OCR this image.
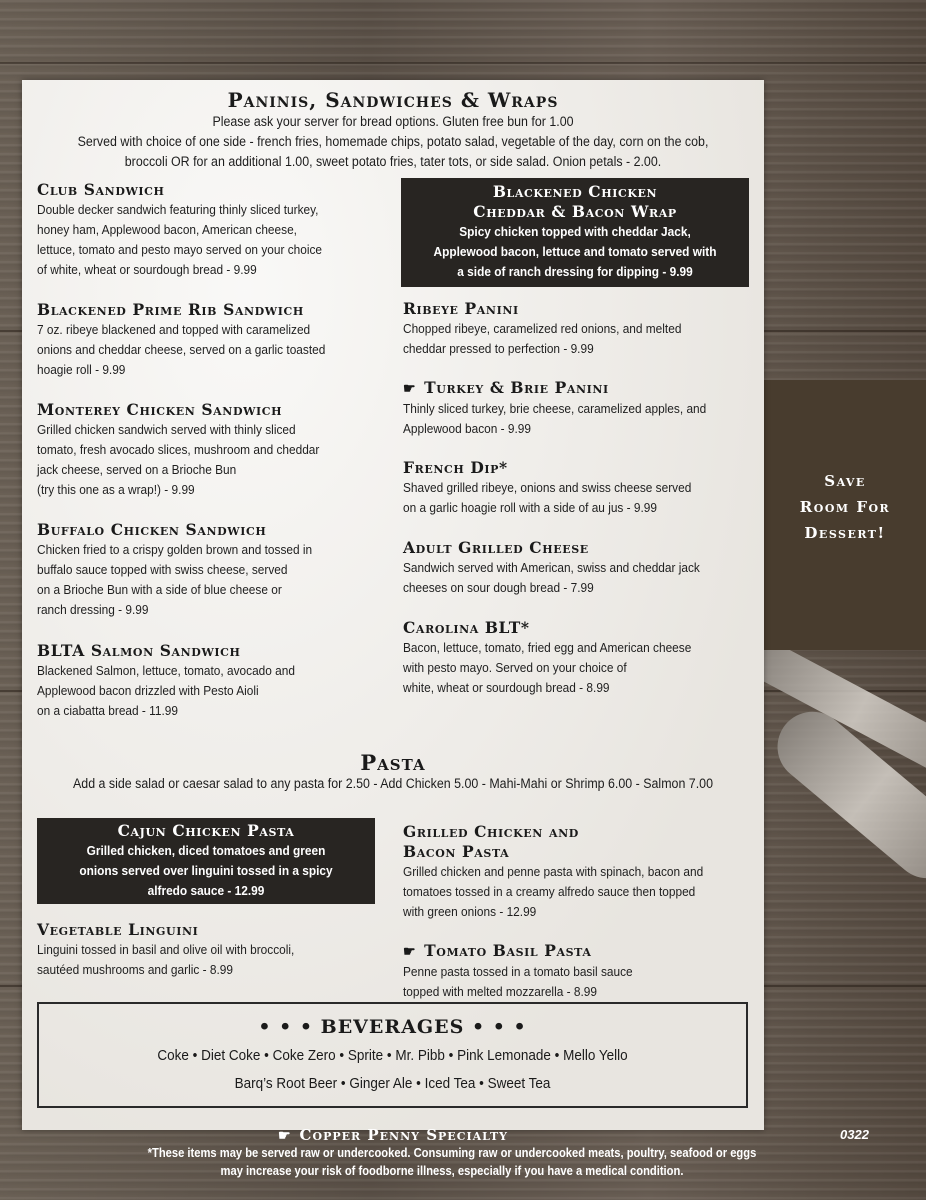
Save
Room For
Dessert!
Paninis, Sandwiches & Wraps
Please ask your server for bread options. Gluten free bun for 1.00
Served with choice of one side - french fries, homemade chips, potato salad, vegetable of the day, corn on the cob,
broccoli OR for an additional 1.00, sweet potato fries, tater tots, or side salad. Onion petals - 2.00.
Club Sandwich
Double decker sandwich featuring thinly sliced turkey,
honey ham, Applewood bacon, American cheese,
lettuce, tomato and pesto mayo served on your choice
of white, wheat or sourdough bread - 9.99
Blackened Prime Rib Sandwich
7 oz. ribeye blackened and topped with caramelized
onions and cheddar cheese, served on a garlic toasted
hoagie roll - 9.99
Monterey Chicken Sandwich
Grilled chicken sandwich served with thinly sliced
tomato, fresh avocado slices, mushroom and cheddar
jack cheese, served on a Brioche Bun
(try this one as a wrap!) - 9.99
Buffalo Chicken Sandwich
Chicken fried to a crispy golden brown and tossed in
buffalo sauce topped with swiss cheese, served
on a Brioche Bun with a side of blue cheese or
ranch dressing - 9.99
BLTA Salmon Sandwich
Blackened Salmon, lettuce, tomato, avocado and
Applewood bacon drizzled with Pesto Aioli
on a ciabatta bread - 11.99
Blackened Chicken
Cheddar & Bacon Wrap
Spicy chicken topped with cheddar Jack,
Applewood bacon, lettuce and tomato served with
a side of ranch dressing for dipping - 9.99
Ribeye Panini
Chopped ribeye, caramelized red onions, and melted
cheddar pressed to perfection - 9.99
☛ Turkey & Brie Panini
Thinly sliced turkey, brie cheese, caramelized apples, and
Applewood bacon - 9.99
French Dip*
Shaved grilled ribeye, onions and swiss cheese served
on a garlic hoagie roll with a side of au jus - 9.99
Adult Grilled Cheese
Sandwich served with American, swiss and cheddar jack
cheeses on sour dough bread - 7.99
Carolina BLT*
Bacon, lettuce, tomato, fried egg and American cheese
with pesto mayo. Served on your choice of
white, wheat or sourdough bread - 8.99
Pasta
Add a side salad or caesar salad to any pasta for 2.50 - Add Chicken 5.00 - Mahi-Mahi or Shrimp 6.00 - Salmon 7.00
Cajun Chicken Pasta
Grilled chicken, diced tomatoes and green
onions served over linguini tossed in a spicy
alfredo sauce - 12.99
Vegetable Linguini
Linguini tossed in basil and olive oil with broccoli,
sautéed mushrooms and garlic - 8.99
Grilled Chicken and
Bacon Pasta
Grilled chicken and penne pasta with spinach, bacon and
tomatoes tossed in a creamy alfredo sauce then topped
with green onions - 12.99
☛ Tomato Basil Pasta
Penne pasta tossed in a tomato basil sauce
topped with melted mozzarella - 8.99
• • • BEVERAGES • • •
Coke • Diet Coke • Coke Zero • Sprite • Mr. Pibb • Pink Lemonade • Mello Yello
Barq’s Root Beer • Ginger Ale • Iced Tea • Sweet Tea
☛ Copper Penny Specialty
*These items may be served raw or undercooked. Consuming raw or undercooked meats, poultry, seafood or eggs
may increase your risk of foodborne illness, especially if you have a medical condition.
0322
